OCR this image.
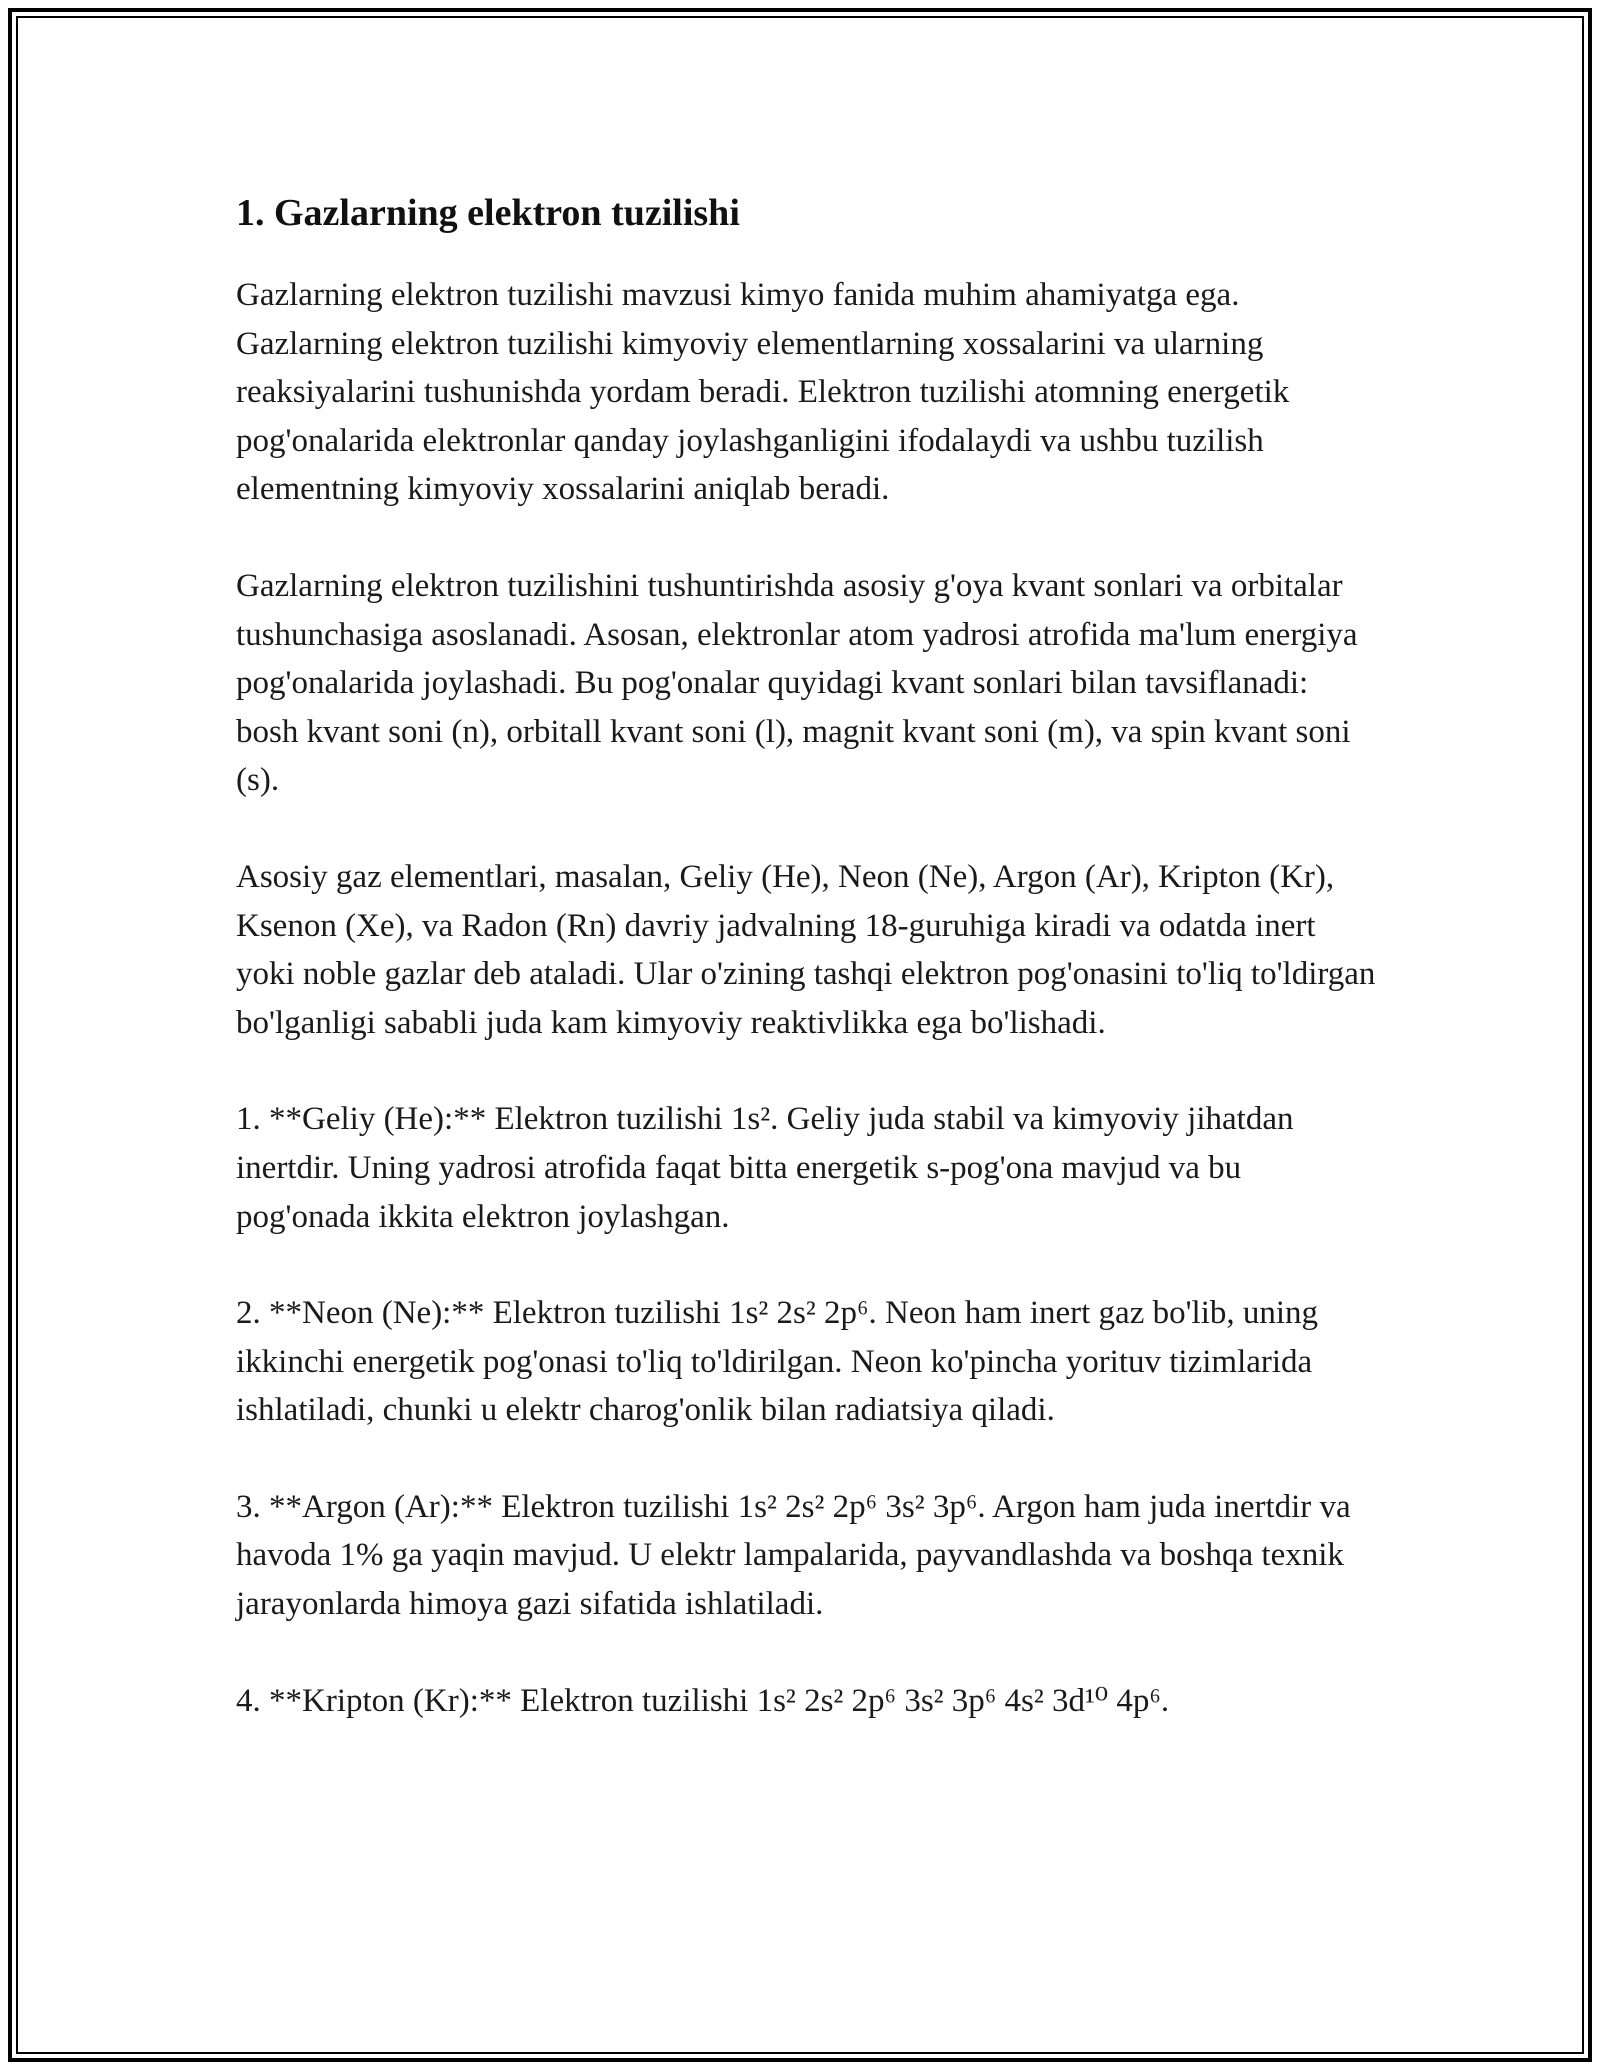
1. Gazlarning elektron tuzilishi

Gazlarning elektron tuzilishi mavzusi kimyo fanida muhim ahamiyatga ega. Gazlarning elektron tuzilishi kimyoviy elementlarning xossalarini va ularning reaksiyalarini tushunishda yordam beradi. Elektron tuzilishi atomning energetik pog'onalarida elektronlar qanday joylashganligini ifodalaydi va ushbu tuzilish elementning kimyoviy xossalarini aniqlab beradi.

Gazlarning elektron tuzilishini tushuntirishda asosiy g'oya kvant sonlari va orbitalar tushunchasiga asoslanadi. Asosan, elektronlar atom yadrosi atrofida ma'lum energiya pog'onalarida joylashadi. Bu pog'onalar quyidagi kvant sonlari bilan tavsiflanadi: bosh kvant soni (n), orbitall kvant soni (l), magnit kvant soni (m), va spin kvant soni (s).

Asosiy gaz elementlari, masalan, Geliy (He), Neon (Ne), Argon (Ar), Kripton (Kr), Ksenon (Xe), va Radon (Rn) davriy jadvalning 18-guruhiga kiradi va odatda inert yoki noble gazlar deb ataladi. Ular o'zining tashqi elektron pog'onasini to'liq to'ldirgan bo'lganligi sababli juda kam kimyoviy reaktivlikka ega bo'lishadi.

1. **Geliy (He):** Elektron tuzilishi 1s². Geliy juda stabil va kimyoviy jihatdan inertdir. Uning yadrosi atrofida faqat bitta energetik s-pog'ona mavjud va bu pog'onada ikkita elektron joylashgan.

2. **Neon (Ne):** Elektron tuzilishi 1s² 2s² 2p⁶. Neon ham inert gaz bo'lib, uning ikkinchi energetik pog'onasi to'liq to'ldirilgan. Neon ko'pincha yorituv tizimlarida ishlatiladi, chunki u elektr charog'onlik bilan radiatsiya qiladi.

3. **Argon (Ar):** Elektron tuzilishi 1s² 2s² 2p⁶ 3s² 3p⁶. Argon ham juda inertdir va havoda 1% ga yaqin mavjud. U elektr lampalarida, payvandlashda va boshqa texnik jarayonlarda himoya gazi sifatida ishlatiladi.

4. **Kripton (Kr):** Elektron tuzilishi 1s² 2s² 2p⁶ 3s² 3p⁶ 4s² 3d¹⁰ 4p⁶.
